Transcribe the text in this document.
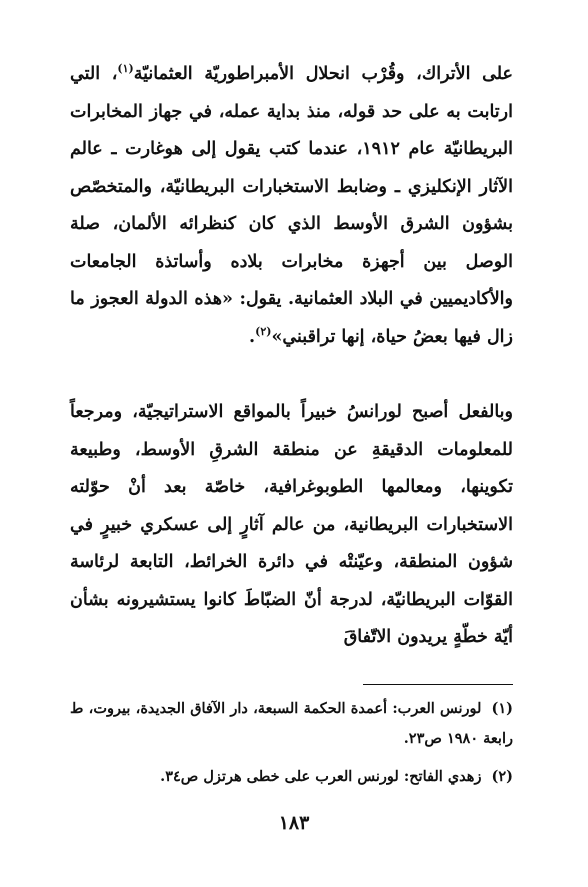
على الأتراك، وقُرْب انحلال الأمبراطوريّة العثمانيّة$^{(١)}$، التي ارتابت به على حد قوله، منذ بداية عمله، في جهاز المخابرات البريطانيّة عام ١٩١٢، عندما كتب يقول إلى هوغارت ـ عالم الآثار الإنكليزي ـ وضابط الاستخبارات البريطانيّة، والمتخصّص بشؤون الشرق الأوسط الذي كان كنظرائه الألمان، صلة الوصل بين أجهزة مخابرات بلاده وأساتذة الجامعات والأكاديميين في البلاد العثمانية. يقول: «هذه الدولة العجوز ما زال فيها بعضُ حياة، إنها تراقبني»$^{(٢)}$.

وبالفعل أصبح لورانسُ خبيراً بالمواقع الاستراتيجيّة، ومرجعاً للمعلومات الدقيقةِ عن منطقة الشرقِ الأوسط، وطبيعة تكوينها، ومعالمها الطوبوغرافية، خاصّة بعد أنْ حوّلته الاستخبارات البريطانية، من عالم آثارٍ إلى عسكري خبيرٍ في شؤون المنطقة، وعيّنتْه في دائرة الخرائط، التابعة لرئاسة القوّات البريطانيّة، لدرجة أنّ الضبّاطَ كانوا يستشيرونه بشأن أيّة خطّةٍ يريدون الاتّفاقَ

(١)لورنس العرب: أعمدة الحكمة السبعة، دار الآفاق الجديدة، بيروت، ط رابعة ١٩٨٠ ص٢٣.

(٢)زهدي الفاتح: لورنس العرب على خطى هرتزل ص٣٤.

١٨٣
